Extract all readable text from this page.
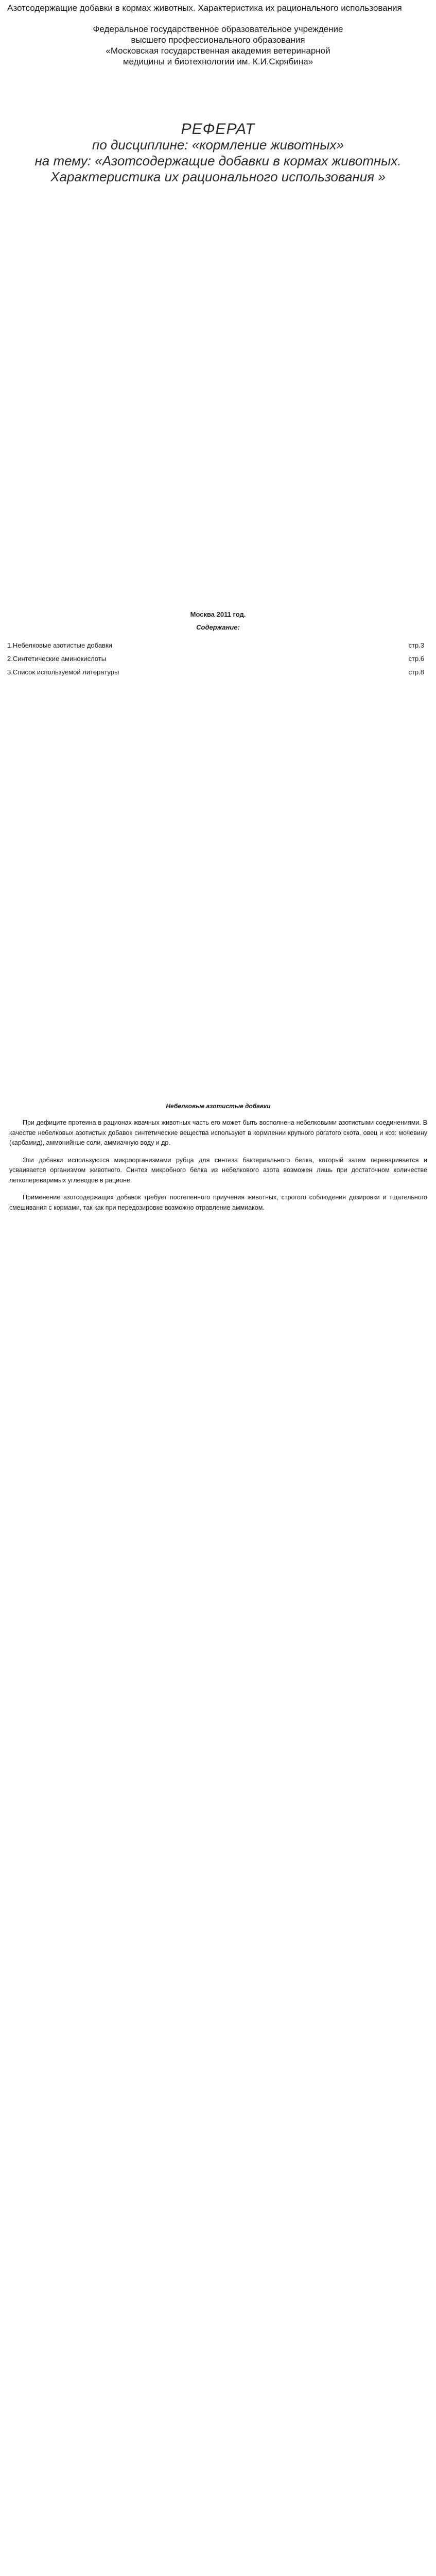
Азотсодержащие добавки в кормах животных. Характеристика их рационального использования
Федеральное государственное образовательное учреждение
высшего профессионального образования
«Московская государственная академия ветеринарной
медицины и биотехнологии им. К.И.Скрябина»
РЕФЕРАТ
по дисциплине: «кормление животных»
на тему: «Азотсодержащие добавки в кормах животных. Характеристика их рационального использования »
Москва 2011 год.
Содержание:
1.Небелковые азотистые добавки	стр.3
2.Синтетические аминокислоты	стр.6
3.Список используемой литературы	стр.8
Небелковые азотистые добавки

При дефиците протеина в рационах жвачных животных часть его может быть восполнена небелковыми азотистыми соединениями. В качестве небелковых азотистых добавок синтетические вещества используют в кормлении крупного рогатого скота, овец и коз: мочевину (карбамид), аммонийные соли, аммиачную воду и др.

Эти добавки используются микроорганизмами рубца для синтеза бактериального белка, который затем переваривается и усваивается организмом животного. Синтез микробного белка из небелкового азота возможен лишь при достаточном количестве легкопереваримых углеводов в рационе.

Применение азотсодержащих добавок требует постепенного приучения животных, строгого соблюдения дозировки и тщательного смешивания с кормами, так как при передозировке возможно отравление аммиаком.
